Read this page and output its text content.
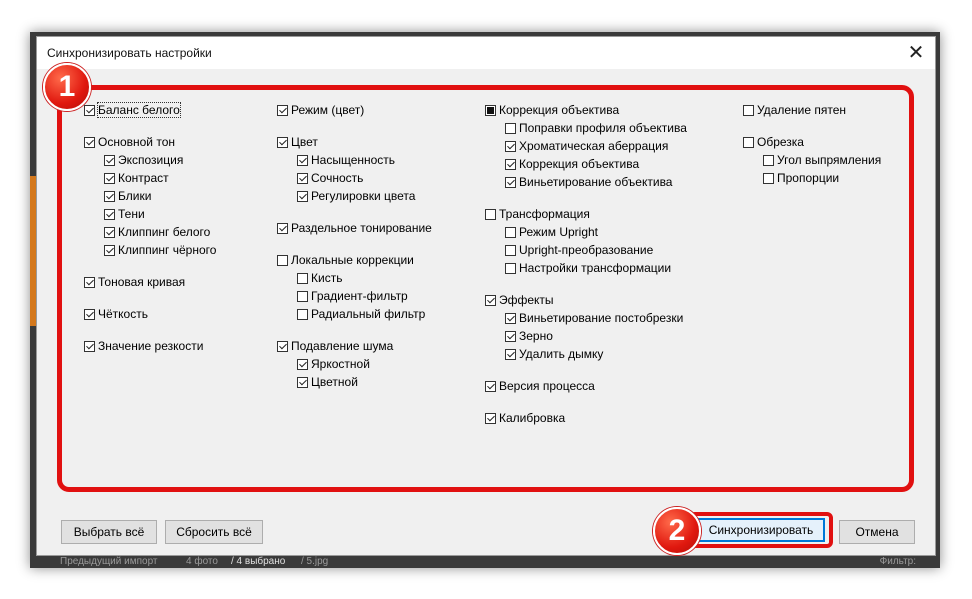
Предыдущий импорт	4 фото / 4 выбрано / 5.jpg	Фильтр:
Синхронизировать настройки	✕
Баланс белого
Основной тон
Экспозиция
Контраст
Блики
Тени
Клиппинг белого
Клиппинг чёрного
Тоновая кривая
Чёткость
Значение резкости
Режим (цвет)
Цвет
Насыщенность
Сочность
Регулировки цвета
Раздельное тонирование
Локальные коррекции
Кисть
Градиент-фильтр
Радиальный фильтр
Подавление шума
Яркостной
Цветной
Коррекция объектива
Поправки профиля объектива
Хроматическая аберрация
Коррекция объектива
Виньетирование объектива
Трансформация
Режим Upright
Upright-преобразование
Настройки трансформации
Эффекты
Виньетирование постобрезки
Зерно
Удалить дымку
Версия процесса
Калибровка
Удаление пятен
Обрезка
Угол выпрямления
Пропорции
1
Выбрать всё	Сбросить всё	Синхронизировать
2	Отмена
